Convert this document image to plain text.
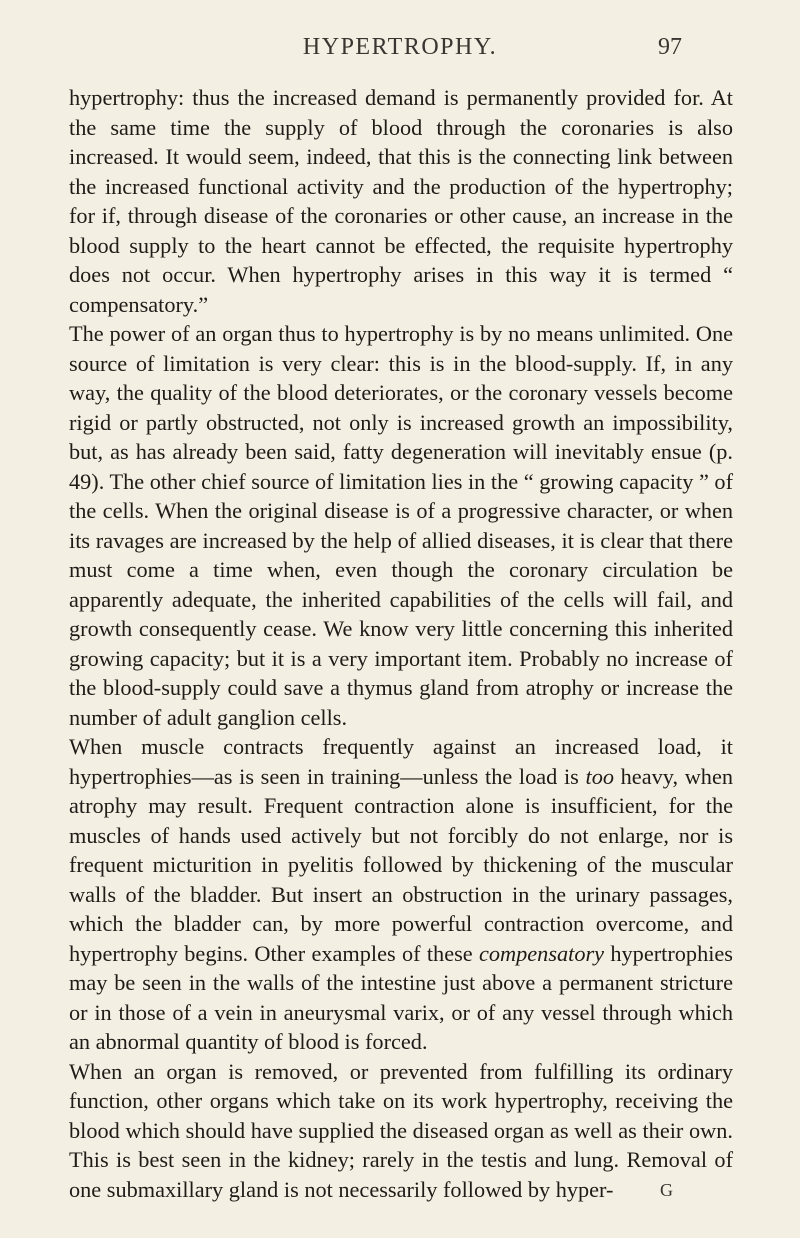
HYPERTROPHY.	97

hypertrophy: thus the increased demand is permanently provided for. At the same time the supply of blood through the coronaries is also increased. It would seem, indeed, that this is the connecting link between the increased functional activity and the production of the hypertrophy; for if, through disease of the coronaries or other cause, an increase in the blood supply to the heart cannot be effected, the requisite hypertrophy does not occur. When hypertrophy arises in this way it is termed “ compensatory.”

The power of an organ thus to hypertrophy is by no means unlimited. One source of limitation is very clear: this is in the blood-supply. If, in any way, the quality of the blood deteriorates, or the coronary vessels become rigid or partly obstructed, not only is increased growth an impossibility, but, as has already been said, fatty degeneration will inevitably ensue (p. 49). The other chief source of limitation lies in the “ growing capacity ” of the cells. When the original disease is of a progressive character, or when its ravages are increased by the help of allied diseases, it is clear that there must come a time when, even though the coronary circulation be apparently adequate, the inherited capabilities of the cells will fail, and growth consequently cease. We know very little concerning this inherited growing capacity; but it is a very important item. Probably no increase of the blood-supply could save a thymus gland from atrophy or increase the number of adult ganglion cells.

When muscle contracts frequently against an increased load, it hypertrophies—as is seen in training—unless the load is too heavy, when atrophy may result. Frequent contraction alone is insufficient, for the muscles of hands used actively but not forcibly do not enlarge, nor is frequent micturition in pyelitis followed by thickening of the muscular walls of the bladder. But insert an obstruction in the urinary passages, which the bladder can, by more powerful contraction overcome, and hypertrophy begins. Other examples of these compensatory hypertrophies may be seen in the walls of the intestine just above a permanent stricture or in those of a vein in aneurysmal varix, or of any vessel through which an abnormal quantity of blood is forced.

When an organ is removed, or prevented from fulfilling its ordinary function, other organs which take on its work hypertrophy, receiving the blood which should have supplied the diseased organ as well as their own. This is best seen in the kidney; rarely in the testis and lung. Removal of one submaxillary gland is not necessarily followed by hyper-	G
